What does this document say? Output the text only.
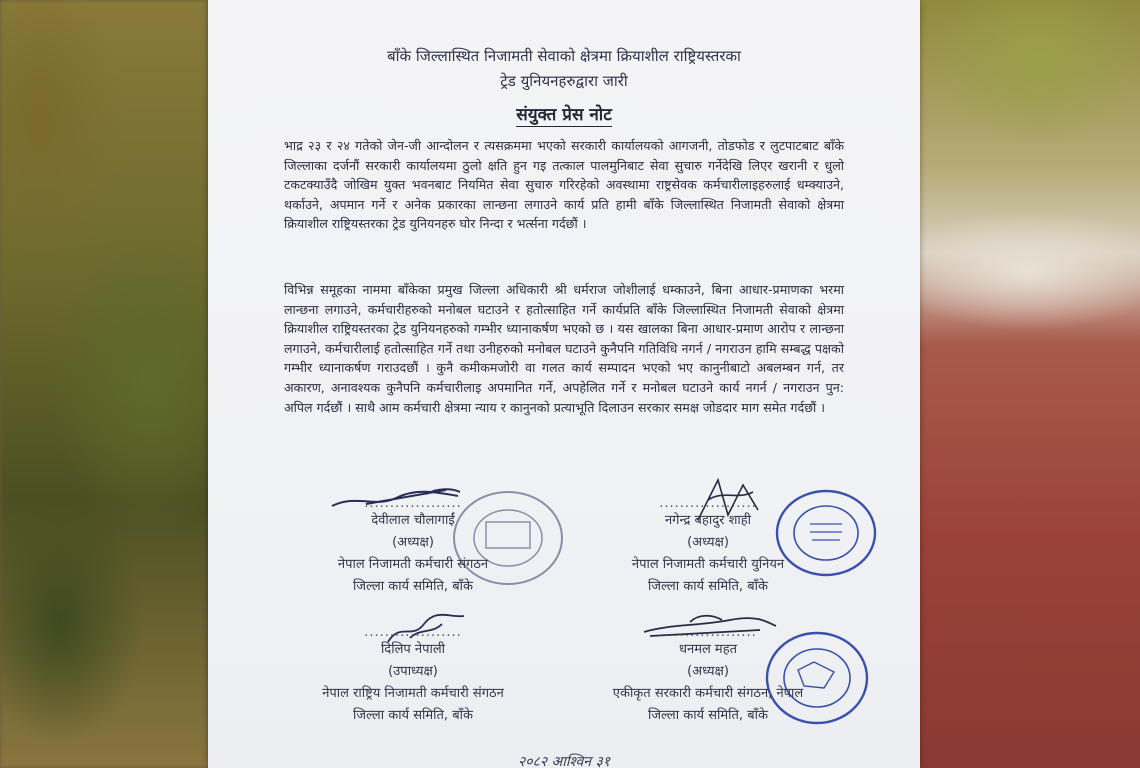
बाँके जिल्लास्थित निजामती सेवाको क्षेत्रमा क्रियाशील राष्ट्रियस्तरका
ट्रेड युनियनहरुद्वारा जारी
संयुक्त प्रेस नोट

भाद्र २३ र २४ गतेको जेन-जी आन्दोलन र त्यसक्रममा भएको सरकारी कार्यालयको आगजनी, तोडफोड र लुटपाटबाट बाँके जिल्लाका दर्जनौं सरकारी कार्यालयमा ठुलो क्षति हुन गइ तत्काल पालमुनिबाट सेवा सुचारु गर्नेदेखि लिएर खरानी र धुलो टकटक्याउँदै जोखिम युक्त भवनबाट नियमित सेवा सुचारु गरिरहेको अवस्थामा राष्ट्रसेवक कर्मचारीलाइहरुलाई धम्क्याउने, थर्काउने, अपमान गर्ने र अनेक प्रकारका लान्छना लगाउने कार्य प्रति हामी बाँके जिल्लास्थित निजामती सेवाको क्षेत्रमा क्रियाशील राष्ट्रियस्तरका ट्रेड युनियनहरु घोर निन्दा र भर्त्सना गर्दछौं ।

विभिन्न समूहका नाममा बाँकेका प्रमुख जिल्ला अधिकारी श्री धर्मराज जोशीलाई धम्काउने, बिना आधार-प्रमाणका भरमा लान्छना लगाउने, कर्मचारीहरुको मनोबल घटाउने र हतोत्साहित गर्ने कार्यप्रति बाँके जिल्लास्थित निजामती सेवाको क्षेत्रमा क्रियाशील राष्ट्रियस्तरका ट्रेड युनियनहरुको गम्भीर ध्यानाकर्षण भएको छ । यस खालका बिना आधार-प्रमाण आरोप र लान्छना लगाउने, कर्मचारीलाई हतोत्साहित गर्ने तथा उनीहरुको मनोबल घटाउने कुनैपनि गतिविधि नगर्न / नगराउन हामि सम्बद्ध पक्षको गम्भीर ध्यानाकर्षण गराउदछौं । कुनै कमीकमजोरी वा गलत कार्य सम्पादन भएको भए कानुनीबाटो अबलम्बन गर्न, तर अकारण, अनावश्यक कुनैपनि कर्मचारीलाइ अपमानित गर्ने, अपहेलित गर्ने र मनोबल घटाउने कार्य नगर्न / नगराउन पुन: अपिल गर्दछौं । साथै आम कर्मचारी क्षेत्रमा न्याय र कानुनको प्रत्याभूति दिलाउन सरकार समक्ष जोडदार माग समेत गर्दछौं ।

...................
देवीलाल चौलागाईं
(अध्यक्ष)
नेपाल निजामती कर्मचारी संगठन
जिल्ला कार्य समिति, बाँके
...................
नगेन्द्र बहादुर शाही
(अध्यक्ष)
नेपाल निजामती कर्मचारी युनियन
जिल्ला कार्य समिति, बाँके
...................
दिलिप नेपाली
(उपाध्यक्ष)
नेपाल राष्ट्रिय निजामती कर्मचारी संगठन
जिल्ला कार्य समिति, बाँके
...................
धनमल महत
(अध्यक्ष)
एकीकृत सरकारी कर्मचारी संगठन, नेपाल
जिल्ला कार्य समिति, बाँके
२०८२ आश्विन ३१
